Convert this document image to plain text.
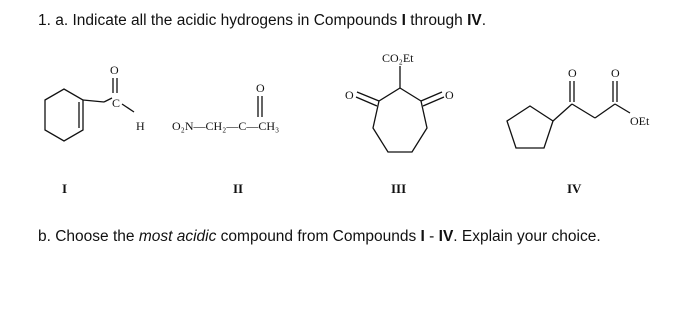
1. a. Indicate all the acidic hydrogens in Compounds I through IV.
C
O
H
I
O₂N—CH₂—C—CH₃
O
II
CO₂Et
O	O
III
O	O
OEt
IV
b. Choose the most acidic compound from Compounds I - IV. Explain your choice.
